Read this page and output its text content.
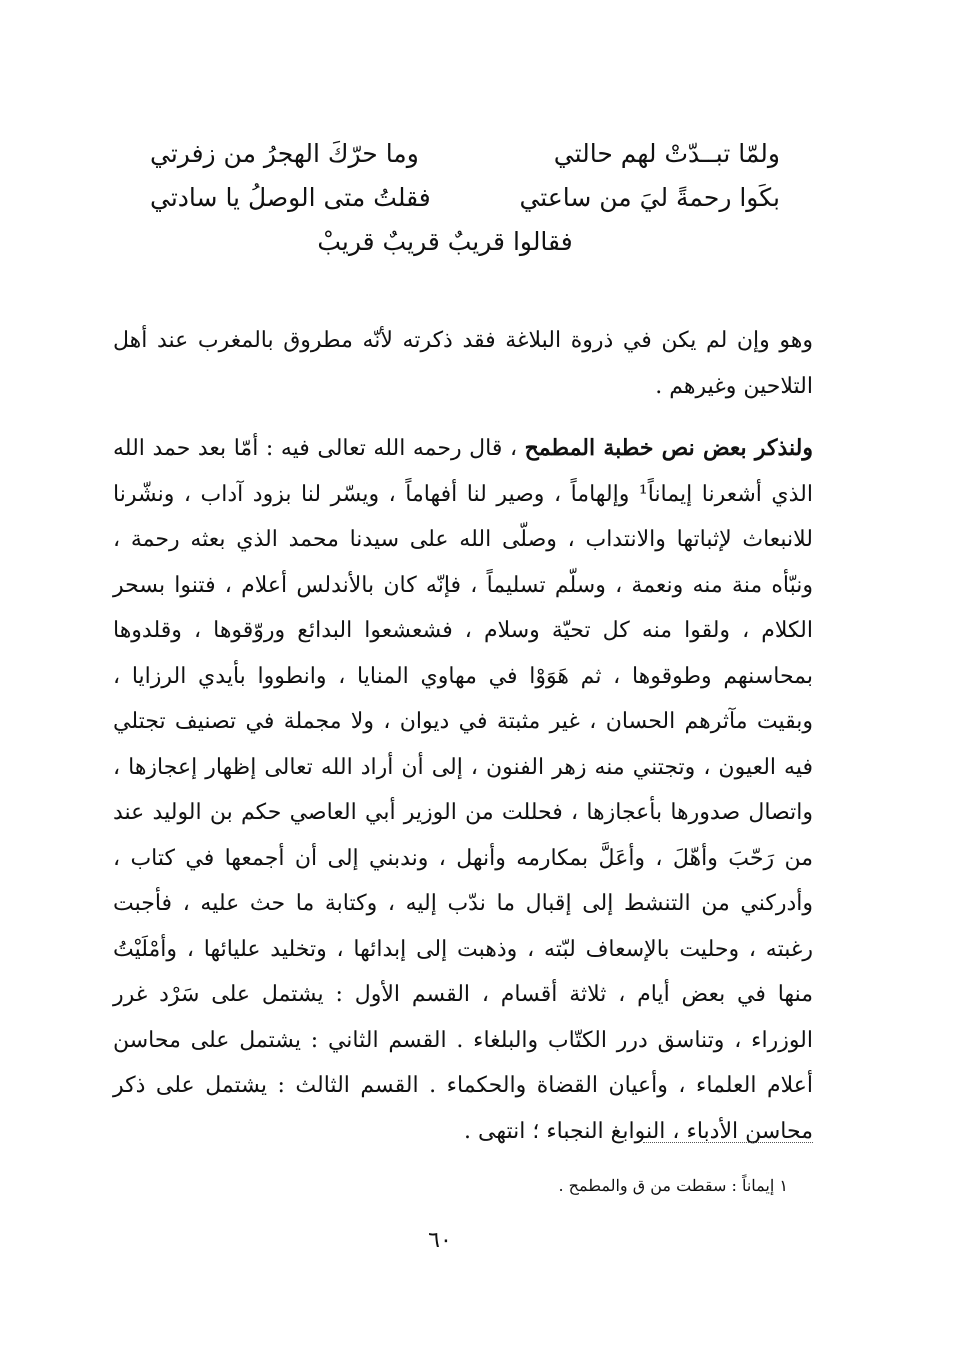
ولمّا تبــدّتْ لهم حالتي
وما حرّكَ الهجرُ من زفرتي
بكَوا رحمةً ليَ من ساعتي
فقلتُ متى الوصلُ يا سادتي
فقالوا قريبٌ قريبٌ قريبْ

وهو وإن لم يكن في ذروة البلاغة فقد ذكرته لأنّه مطروق بالمغرب عند أهل التلاحين وغيرهم .

ولنذكر بعض نص خطبة المطمح ، قال رحمه الله تعالى فيه : أمّا بعد حمد الله الذي أشعرنا إيماناً¹ وإلهاماً ، وصير لنا أفهاماً ، ويسّر لنا بزود آداب ، ونشّرنا للانبعاث لإثباتها والانتداب ، وصلّى الله على سيدنا محمد الذي بعثه رحمة ، ونبّأه منة منه ونعمة ، وسلّم تسليماً ، فإنّه كان بالأندلس أعلام ، فتنوا بسحر الكلام ، ولقوا منه كل تحيّة وسلام ، فشعشعوا البدائع وروّقوها ، وقلدوها بمحاسنهم وطوقوها ، ثم هَوَوْا في مهاوي المنايا ، وانطووا بأيدي الرزايا ، وبقيت مآثرهم الحسان ، غير مثبتة في ديوان ، ولا مجملة في تصنيف تجتلي فيه العيون ، وتجتني منه زهر الفنون ، إلى أن أراد الله تعالى إظهار إعجازها ، واتصال صدورها بأعجازها ، فحللت من الوزير أبي العاصي حكم بن الوليد عند من رَحّبَ وأهّلَ ، وأعَلَّ بمكارمه وأنهل ، وندبني إلى أن أجمعها في كتاب ، وأدركني من التنشط إلى إقبال ما ندّب إليه ، وكتابة ما حث عليه ، فأجبت رغبته ، وحليت بالإسعاف لبّته ، وذهبت إلى إبدائها ، وتخليد عليائها ، وأمْلَيْتُ منها في بعض أيام ، ثلاثة أقسام ، القسم الأول : يشتمل على سَرْد غرر الوزراء ، وتناسق درر الكتّاب والبلغاء . القسم الثاني : يشتمل على محاسن أعلام العلماء ، وأعيان القضاة والحكماء . القسم الثالث : يشتمل على ذكر محاسن الأدباء ، النوابغ النجباء ؛ انتهى .

١ إيماناً : سقطت من ق والمطمح .
٦٠
